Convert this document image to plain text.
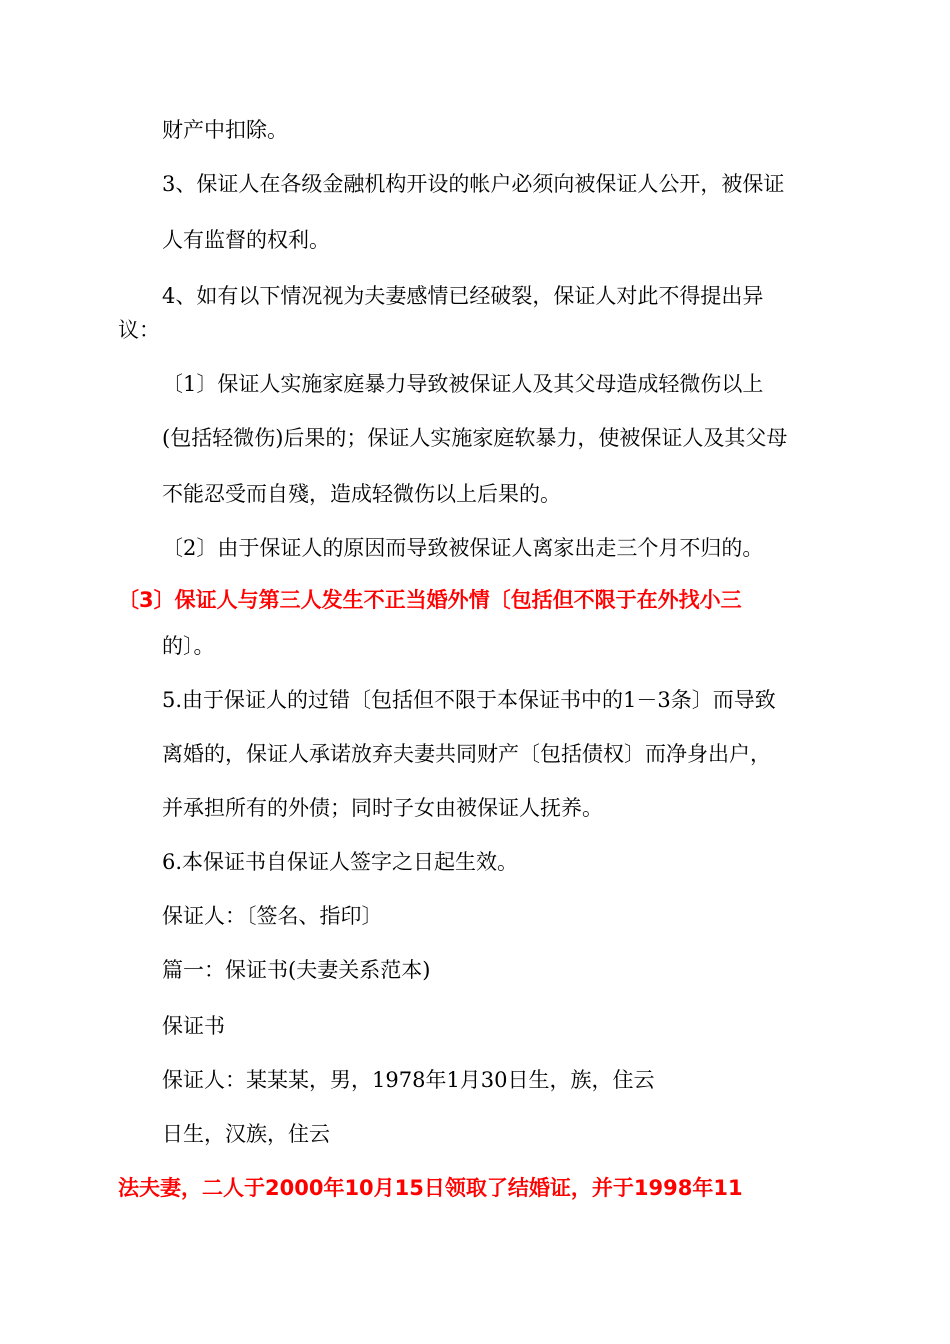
财产中扣除。
3、保证人在各级金融机构开设的帐户必须向被保证人公开，被保证
人有监督的权利。
4、如有以下情况视为夫妻感情已经破裂，保证人对此不得提出异
议：
〔1〕保证人实施家庭暴力导致被保证人及其父母造成轻微伤以上
(包括轻微伤)后果的；保证人实施家庭软暴力，使被保证人及其父母
不能忍受而自殘，造成轻微伤以上后果的。
〔2〕由于保证人的原因而导致被保证人离家出走三个月不归的。
〔3〕保证人与第三人发生不正当婚外情〔包括但不限于在外找小三
的〕。
5.由于保证人的过错〔包括但不限于本保证书中的1－3条〕而导致
离婚的，保证人承诺放弃夫妻共同财产〔包括债权〕而净身出户，
并承担所有的外债；同时子女由被保证人抚养。
6.本保证书自保证人签字之日起生效。
保证人：〔签名、指印〕
篇一：保证书(夫妻关系范本)
保证书
保证人：某某某，男，1978年1月30日生，族，住云
日生，汉族，住云
法夫妻，二人于2000年10月15日领取了结婚证，并于1998年11
